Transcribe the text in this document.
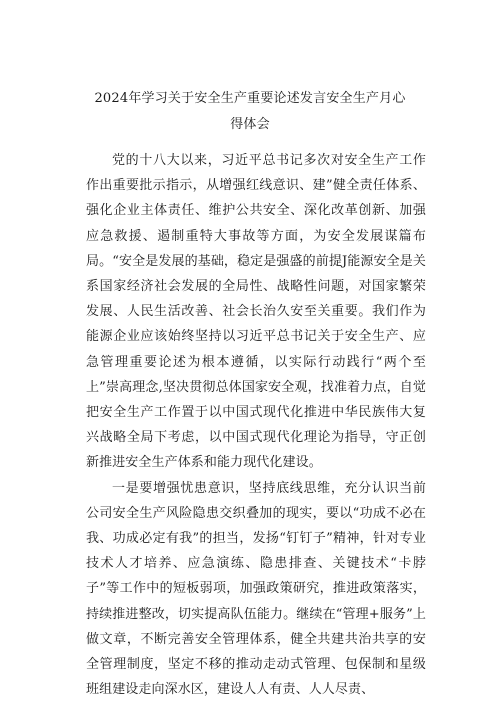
2024年学习关于安全生产重要论述发言安全生产月心
得体会

党的十八大以来，习近平总书记多次对安全生产工作作出重要批示指示，从增强红线意识、建”健全责任体系、强化企业主体责任、维护公共安全、深化改革创新、加强应急救援、遏制重特大事故等方面，为安全发展谋篇布局。“安全是发展的基础，稳定是强盛的前提J能源安全是关系国家经济社会发展的全局性、战略性问题，对国家繁荣发展、人民生活改善、社会长治久安至关重要。我们作为能源企业应该始终坚持以习近平总书记关于安全生产、应急管理重要论述为根本遵循，以实际行动践行“两个至上”崇高理念,坚决贯彻总体国家安全观，找准着力点，自觉把安全生产工作置于以中国式现代化推进中华民族伟大复兴战略全局下考虑，以中国式现代化理论为指导，守正创新推进安全生产体系和能力现代化建设。

一是要增强忧患意识，坚持底线思维，充分认识当前公司安全生产风险隐患交织叠加的现实，要以“功成不必在我、功成必定有我”的担当，发扬“钉钉子”精神，针对专业技术人才培养、应急演练、隐患排查、关键技术“卡脖子”等工作中的短板弱项，加强政策研究，推进政策落实，持续推进整改，切实提高队伍能力。继续在“管理+服务”上做文章，不断完善安全管理体系，健全共建共治共享的安全管理制度，坚定不移的推动走动式管理、包保制和星级班组建设走向深水区，建设人人有责、人人尽责、
